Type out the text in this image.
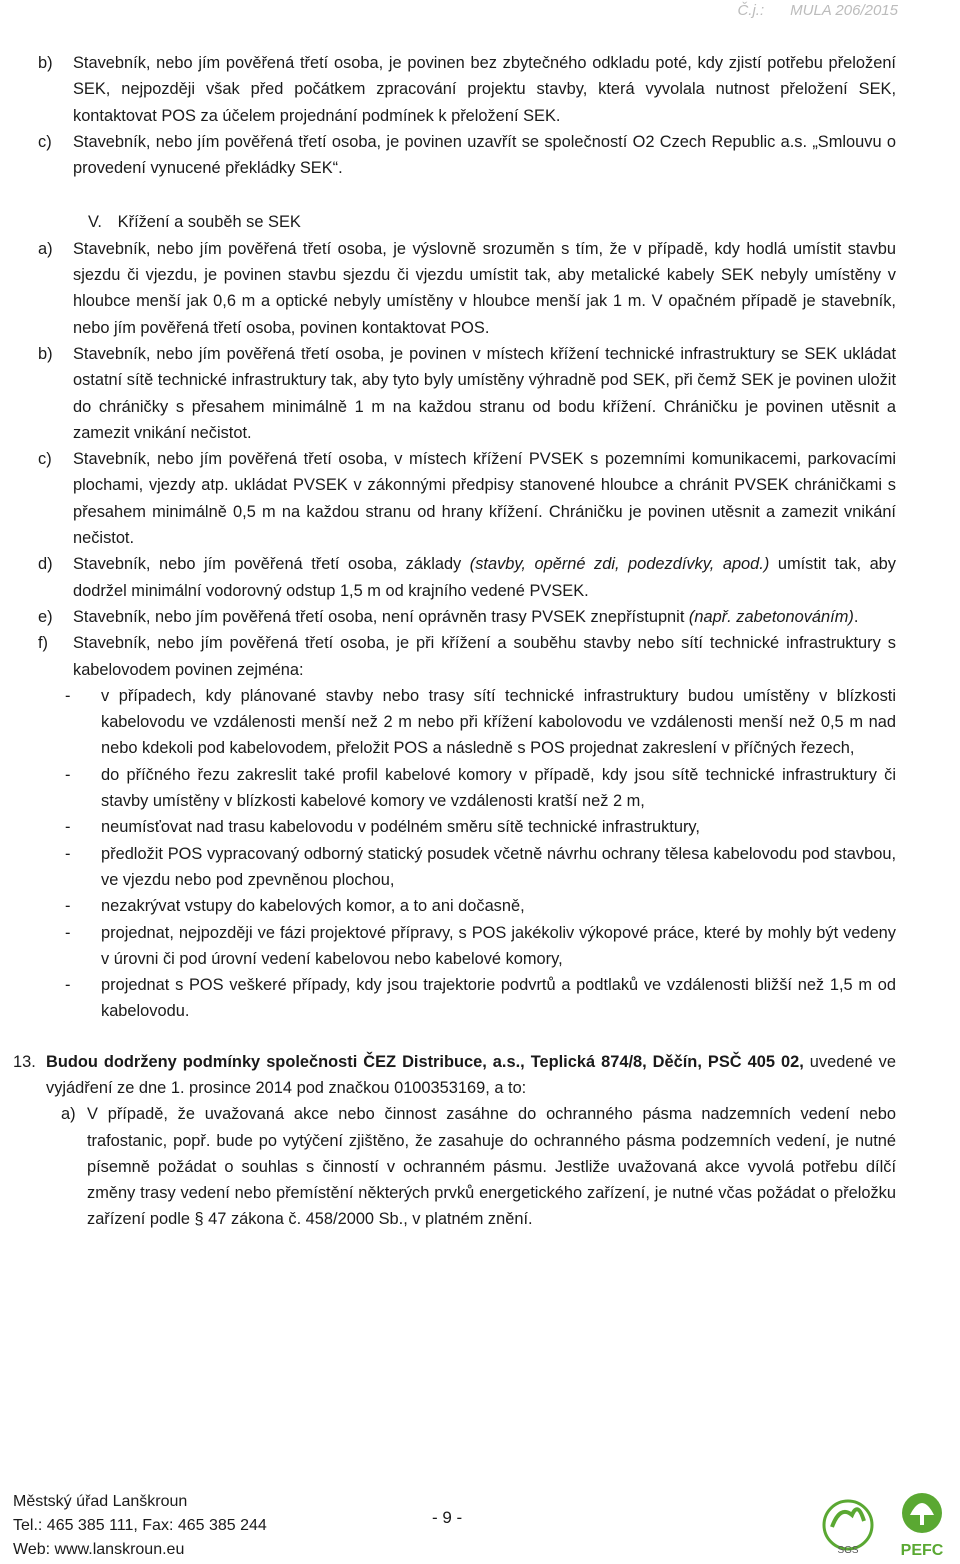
Č.j.: MULA 206/2015
b)	Stavebník, nebo jím pověřená třetí osoba, je povinen bez zbytečného odkladu poté, kdy zjistí potřebu přeložení SEK, nejpozději však před počátkem zpracování projektu stavby, která vyvolala nutnost přeložení SEK, kontaktovat POS za účelem projednání podmínek k přeložení SEK.
c)	Stavebník, nebo jím pověřená třetí osoba, je povinen uzavřít se společností O2 Czech Republic a.s. „Smlouvu o provedení vynucené překládky SEK“.
V. Křížení a souběh se SEK
a)	Stavebník, nebo jím pověřená třetí osoba, je výslovně srozuměn s tím, že v případě, kdy hodlá umístit stavbu sjezdu či vjezdu, je povinen stavbu sjezdu či vjezdu umístit tak, aby metalické kabely SEK nebyly umístěny v hloubce menší jak 0,6 m a optické nebyly umístěny v hloubce menší jak 1 m. V opačném případě je stavebník, nebo jím pověřená třetí osoba, povinen kontaktovat POS.
b)	Stavebník, nebo jím pověřená třetí osoba, je povinen v místech křížení technické infrastruktury se SEK ukládat ostatní sítě technické infrastruktury tak, aby tyto byly umístěny výhradně pod SEK, při čemž SEK je povinen uložit do chráničky s přesahem minimálně 1 m na každou stranu od bodu křížení. Chráničku je povinen utěsnit a zamezit vnikání nečistot.
c)	Stavebník, nebo jím pověřená třetí osoba, v místech křížení PVSEK s pozemními komunikacemi, parkovacími plochami, vjezdy atp. ukládat PVSEK v zákonnými předpisy stanovené hloubce a chránit PVSEK chráničkami s přesahem minimálně 0,5 m na každou stranu od hrany křížení. Chráničku je povinen utěsnit a zamezit vnikání nečistot.
d)	Stavebník, nebo jím pověřená třetí osoba, základy (stavby, opěrné zdi, podezdívky, apod.) umístit tak, aby dodržel minimální vodorovný odstup 1,5 m od krajního vedené PVSEK.
e)	Stavebník, nebo jím pověřená třetí osoba, není oprávněn trasy PVSEK znepřístupnit (např. zabetonováním).
f)	Stavebník, nebo jím pověřená třetí osoba, je při křížení a souběhu stavby nebo sítí technické infrastruktury s kabelovodem povinen zejména:
-	v případech, kdy plánované stavby nebo trasy sítí technické infrastruktury budou umístěny v blízkosti kabelovodu ve vzdálenosti menší než 2 m nebo při křížení kabolovodu ve vzdálenosti menší než 0,5 m nad nebo kdekoli pod kabelovodem, přeložit POS a následně s POS projednat zakreslení v příčných řezech,
-	do příčného řezu zakreslit také profil kabelové komory v případě, kdy jsou sítě technické infrastruktury či stavby umístěny v blízkosti kabelové komory ve vzdálenosti kratší než 2 m,
-	neumísťovat nad trasu kabelovodu v podélném směru sítě technické infrastruktury,
-	předložit POS vypracovaný odborný statický posudek včetně návrhu ochrany tělesa kabelovodu pod stavbou, ve vjezdu nebo pod zpevněnou plochou,
-	nezakrývat vstupy do kabelových komor, a to ani dočasně,
-	projednat, nejpozději ve fázi projektové přípravy, s POS jakékoliv výkopové práce, které by mohly být vedeny v úrovni či pod úrovní vedení kabelovou nebo kabelové komory,
-	projednat s POS veškeré případy, kdy jsou trajektorie podvrtů a podtlaků ve vzdálenosti bližší než 1,5 m od kabelovodu.
13. Budou dodrženy podmínky společnosti ČEZ Distribuce, a.s., Teplická 874/8, Děčín, PSČ 405 02, uvedené ve vyjádření ze dne 1. prosince 2014 pod značkou 0100353169, a to:
a) V případě, že uvažovaná akce nebo činnost zasáhne do ochranného pásma nadzemních vedení nebo trafostanic, popř. bude po vytýčení zjištěno, že zasahuje do ochranného pásma podzemních vedení, je nutné písemně požádat o souhlas s činností v ochranném pásmu. Jestliže uvažovaná akce vyvolá potřebu dílčí změny trasy vedení nebo přemístění některých prvků energetického zařízení, je nutné včas požádat o přeložku zařízení podle § 47 zákona č. 458/2000 Sb., v platném znění.
Městský úřad Lanškroun
Tel.: 465 385 111, Fax: 465 385 244
Web: www.lanskroun.eu
- 9 -
SGS	PEFC
